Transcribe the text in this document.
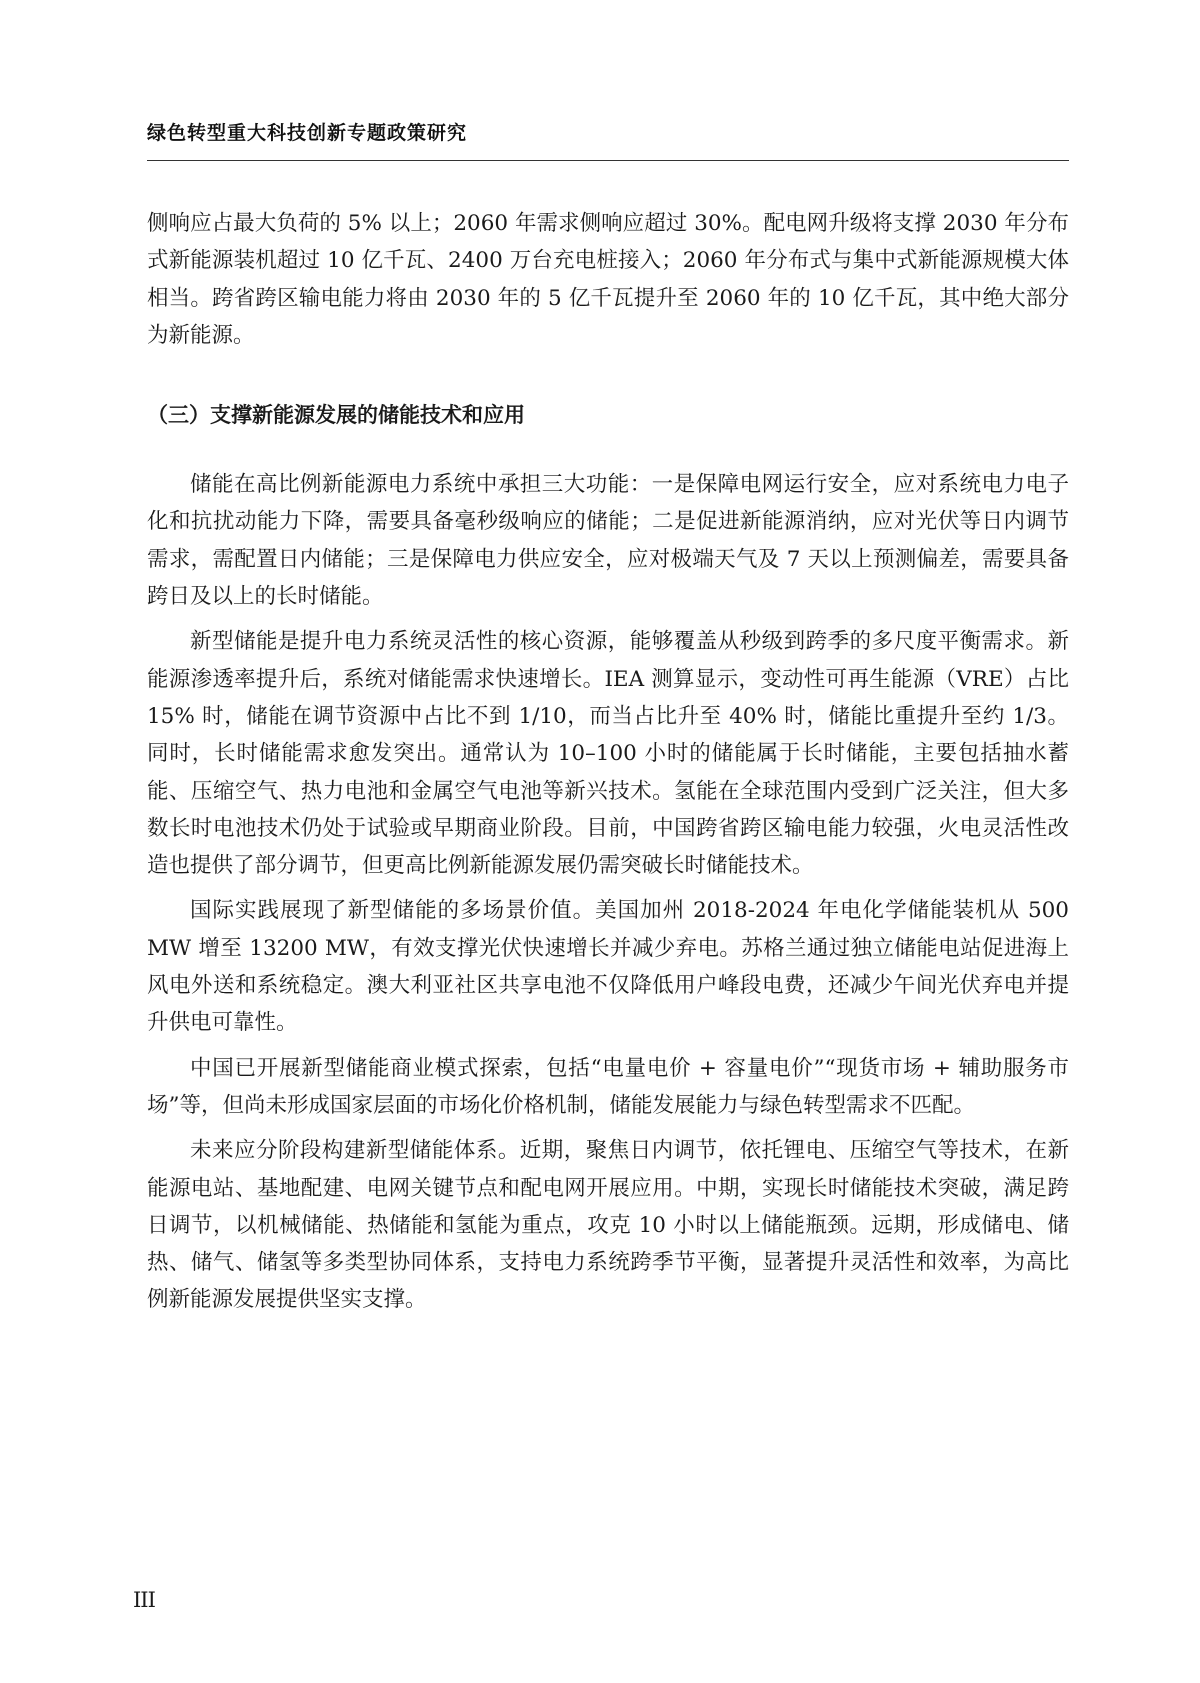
绿色转型重大科技创新专题政策研究

侧响应占最大负荷的 5% 以上；2060 年需求侧响应超过 30%。配电网升级将支撑 2030 年分布式新能源装机超过 10 亿千瓦、2400 万台充电桩接入；2060 年分布式与集中式新能源规模大体相当。跨省跨区输电能力将由 2030 年的 5 亿千瓦提升至 2060 年的 10 亿千瓦，其中绝大部分为新能源。

（三）支撑新能源发展的储能技术和应用

储能在高比例新能源电力系统中承担三大功能：一是保障电网运行安全，应对系统电力电子化和抗扰动能力下降，需要具备毫秒级响应的储能；二是促进新能源消纳，应对光伏等日内调节需求，需配置日内储能；三是保障电力供应安全，应对极端天气及 7 天以上预测偏差，需要具备跨日及以上的长时储能。

新型储能是提升电力系统灵活性的核心资源，能够覆盖从秒级到跨季的多尺度平衡需求。新能源渗透率提升后，系统对储能需求快速增长。IEA 测算显示，变动性可再生能源（VRE）占比 15% 时，储能在调节资源中占比不到 1/10，而当占比升至 40% 时，储能比重提升至约 1/3。同时，长时储能需求愈发突出。通常认为 10–100 小时的储能属于长时储能，主要包括抽水蓄能、压缩空气、热力电池和金属空气电池等新兴技术。氢能在全球范围内受到广泛关注，但大多数长时电池技术仍处于试验或早期商业阶段。目前，中国跨省跨区输电能力较强，火电灵活性改造也提供了部分调节，但更高比例新能源发展仍需突破长时储能技术。

国际实践展现了新型储能的多场景价值。美国加州 2018-2024 年电化学储能装机从 500 MW 增至 13200 MW，有效支撑光伏快速增长并减少弃电。苏格兰通过独立储能电站促进海上风电外送和系统稳定。澳大利亚社区共享电池不仅降低用户峰段电费，还减少午间光伏弃电并提升供电可靠性。

中国已开展新型储能商业模式探索，包括“电量电价 + 容量电价”“现货市场 + 辅助服务市场”等，但尚未形成国家层面的市场化价格机制，储能发展能力与绿色转型需求不匹配。

未来应分阶段构建新型储能体系。近期，聚焦日内调节，依托锂电、压缩空气等技术，在新能源电站、基地配建、电网关键节点和配电网开展应用。中期，实现长时储能技术突破，满足跨日调节，以机械储能、热储能和氢能为重点，攻克 10 小时以上储能瓶颈。远期，形成储电、储热、储气、储氢等多类型协同体系，支持电力系统跨季节平衡，显著提升灵活性和效率，为高比例新能源发展提供坚实支撑。

III
